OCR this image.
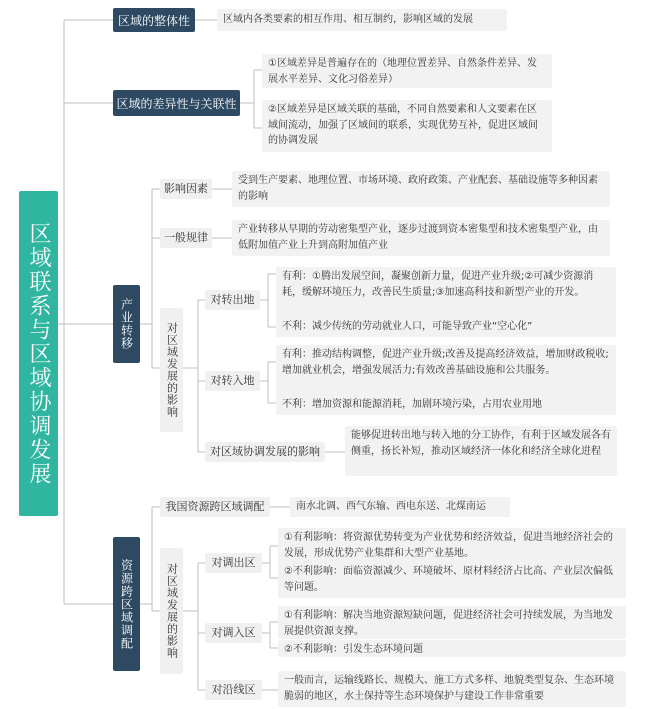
区域联系与区域协调发展
区域的整体性
区域的差异性与关联性
产业转移
资源跨区域调配

区域内各类要素的相互作用、相互制约，影响区域的发展

①区域差异是普遍存在的（地理位置差异、自然条件差异、发展水平差异、文化习俗差异）

②区域差异是区域关联的基础，不同自然要素和人文要素在区域间流动，加强了区域间的联系，实现优势互补，促进区域间的协调发展

影响因素

受到生产要素、地理位置、市场环境、政府政策、产业配套、基础设施等多种因素的影响

一般规律

产业转移从早期的劳动密集型产业，逐步过渡到资本密集型和技术密集型产业，由低附加值产业上升到高附加值产业

对区域发展的影响
对转出地

有利：①腾出发展空间，凝聚创新力量，促进产业升级;②可减少资源消耗，缓解环境压力，改善民生质量;③加速高科技和新型产业的开发。

不利：减少传统的劳动就业人口，可能导致产业“空心化”

对转入地

有利：推动结构调整，促进产业升级;改善及提高经济效益，增加财政税收;增加就业机会，增强发展活力;有效改善基础设施和公共服务。

不利：增加资源和能源消耗，加剧环境污染，占用农业用地

对区域协调发展的影响

能够促进转出地与转入地的分工协作，有利于区域发展各有侧重，扬长补短，推动区域经济一体化和经济全球化进程

我国资源跨区域调配	南水北调、西气东输、西电东送、北煤南运

对区域发展的影响
对调出区

①有利影响：将资源优势转变为产业优势和经济效益，促进当地经济社会的发展，形成优势产业集群和大型产业基地。

②不利影响：面临资源减少、环境破坏、原材料经济占比高、产业层次偏低等问题。

对调入区

①有利影响：解决当地资源短缺问题，促进经济社会可持续发展，为当地发展提供资源支撑。

②不利影响：引发生态环境问题

对沿线区

一般而言，运输线路长、规模大、施工方式多样、地貌类型复杂、生态环境脆弱的地区，水土保持等生态环境保护与建设工作非常重要
